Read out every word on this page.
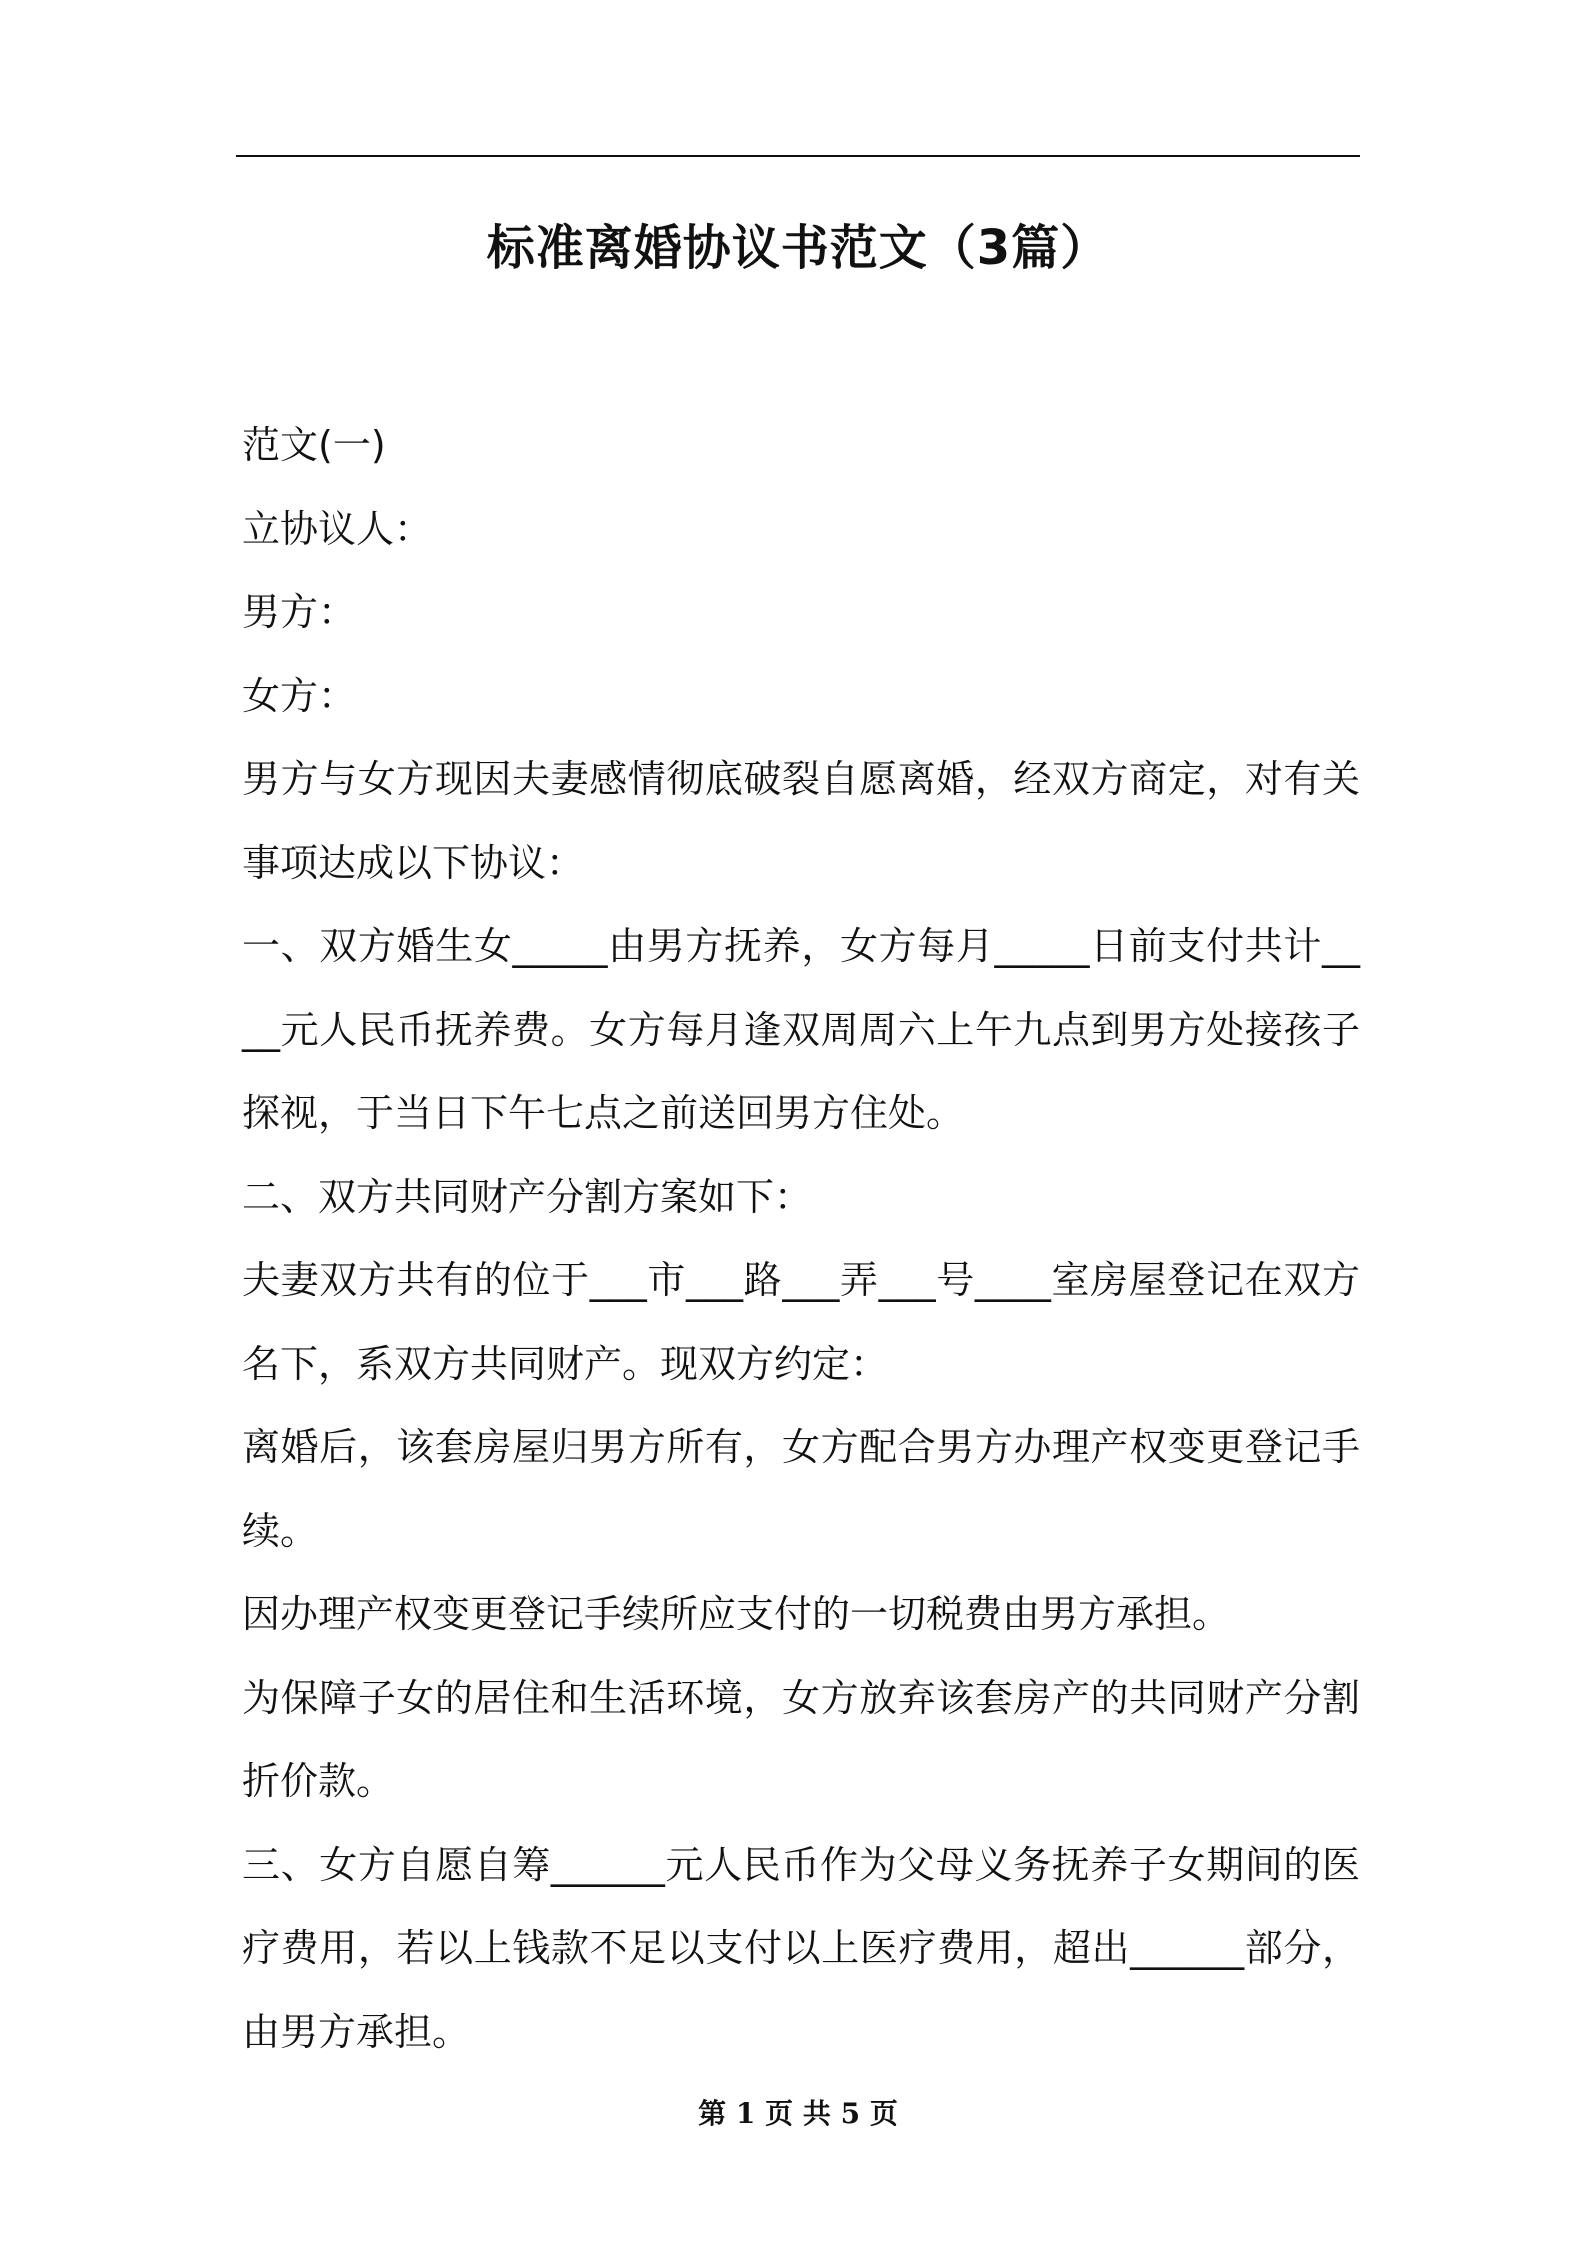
标准离婚协议书范文（3篇）

范文(一)

立协议人：

男方：

女方：

男方与女方现因夫妻感情彻底破裂自愿离婚，经双方商定，对有关事项达成以下协议：

一、双方婚生女_____由男方抚养，女方每月_____日前支付共计____元人民币抚养费。女方每月逢双周周六上午九点到男方处接孩子探视，于当日下午七点之前送回男方住处。

二、双方共同财产分割方案如下：

夫妻双方共有的位于___市___路___弄___号____室房屋登记在双方名下，系双方共同财产。现双方约定：

离婚后，该套房屋归男方所有，女方配合男方办理产权变更登记手续。

因办理产权变更登记手续所应支付的一切税费由男方承担。

为保障子女的居住和生活环境，女方放弃该套房产的共同财产分割折价款。

三、女方自愿自筹______元人民币作为父母义务抚养子女期间的医疗费用，若以上钱款不足以支付以上医疗费用，超出______部分，由男方承担。

第 1 页 共 5 页
